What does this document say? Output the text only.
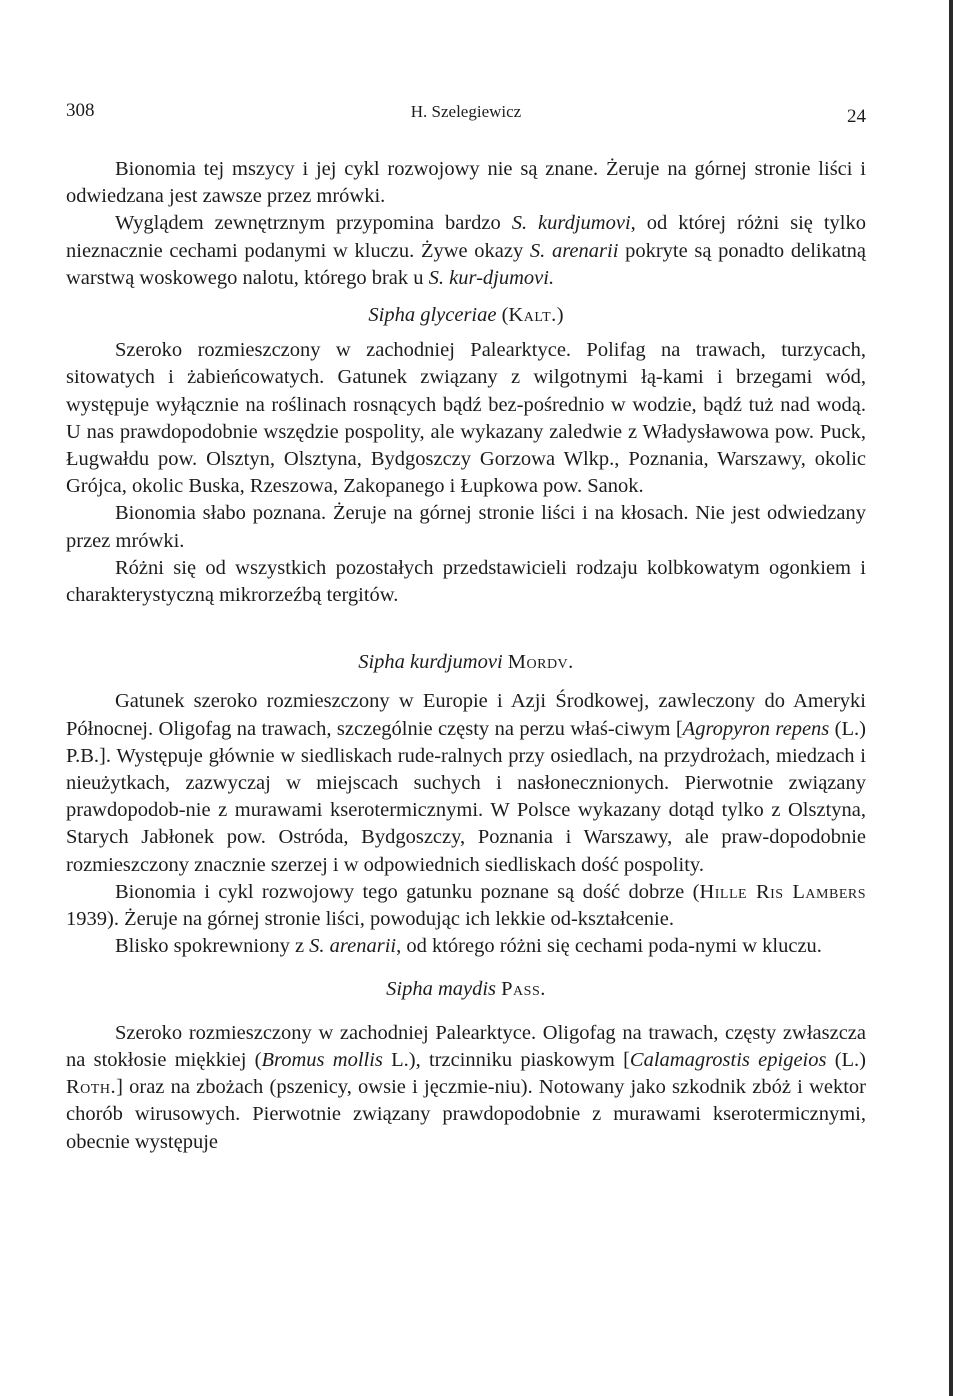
308	H. Szelegiewicz	24

Bionomia tej mszycy i jej cykl rozwojowy nie są znane. Żeruje na górnej stronie liści i odwiedzana jest zawsze przez mrówki.

Wyglądem zewnętrznym przypomina bardzo S. kurdjumovi, od której różni się tylko nieznacznie cechami podanymi w kluczu. Żywe okazy S. arenarii pokryte są ponadto delikatną warstwą woskowego nalotu, którego brak u S. kur-djumovi.

Sipha glyceriae (Kalt.)

Szeroko rozmieszczony w zachodniej Palearktyce. Polifag na trawach, turzycach, sitowatych i żabieńcowatych. Gatunek związany z wilgotnymi łą-kami i brzegami wód, występuje wyłącznie na roślinach rosnących bądź bez-pośrednio w wodzie, bądź tuż nad wodą. U nas prawdopodobnie wszędzie pospolity, ale wykazany zaledwie z Władysławowa pow. Puck, Ługwałdu pow. Olsztyn, Olsztyna, Bydgoszczy Gorzowa Wlkp., Poznania, Warszawy, okolic Grójca, okolic Buska, Rzeszowa, Zakopanego i Łupkowa pow. Sanok.

Bionomia słabo poznana. Żeruje na górnej stronie liści i na kłosach. Nie jest odwiedzany przez mrówki.

Różni się od wszystkich pozostałych przedstawicieli rodzaju kolbkowatym ogonkiem i charakterystyczną mikrorzeźbą tergitów.

Sipha kurdjumovi Mordv.

Gatunek szeroko rozmieszczony w Europie i Azji Środkowej, zawleczony do Ameryki Północnej. Oligofag na trawach, szczególnie częsty na perzu właś-ciwym [Agropyron repens (L.) P.B.]. Występuje głównie w siedliskach rude-ralnych przy osiedlach, na przydrożach, miedzach i nieużytkach, zazwyczaj w miejscach suchych i nasłonecznionych. Pierwotnie związany prawdopodob-nie z murawami kserotermicznymi. W Polsce wykazany dotąd tylko z Olsztyna, Starych Jabłonek pow. Ostróda, Bydgoszczy, Poznania i Warszawy, ale praw-dopodobnie rozmieszczony znacznie szerzej i w odpowiednich siedliskach dość pospolity.

Bionomia i cykl rozwojowy tego gatunku poznane są dość dobrze (Hille Ris Lambers 1939). Żeruje na górnej stronie liści, powodując ich lekkie od-kształcenie.

Blisko spokrewniony z S. arenarii, od którego różni się cechami poda-nymi w kluczu.

Sipha maydis Pass.

Szeroko rozmieszczony w zachodniej Palearktyce. Oligofag na trawach, częsty zwłaszcza na stokłosie miękkiej (Bromus mollis L.), trzcinniku piaskowym [Calamagrostis epigeios (L.) Roth.] oraz na zbożach (pszenicy, owsie i jęczmie-niu). Notowany jako szkodnik zbóż i wektor chorób wirusowych. Pierwotnie związany prawdopodobnie z murawami kserotermicznymi, obecnie występuje
